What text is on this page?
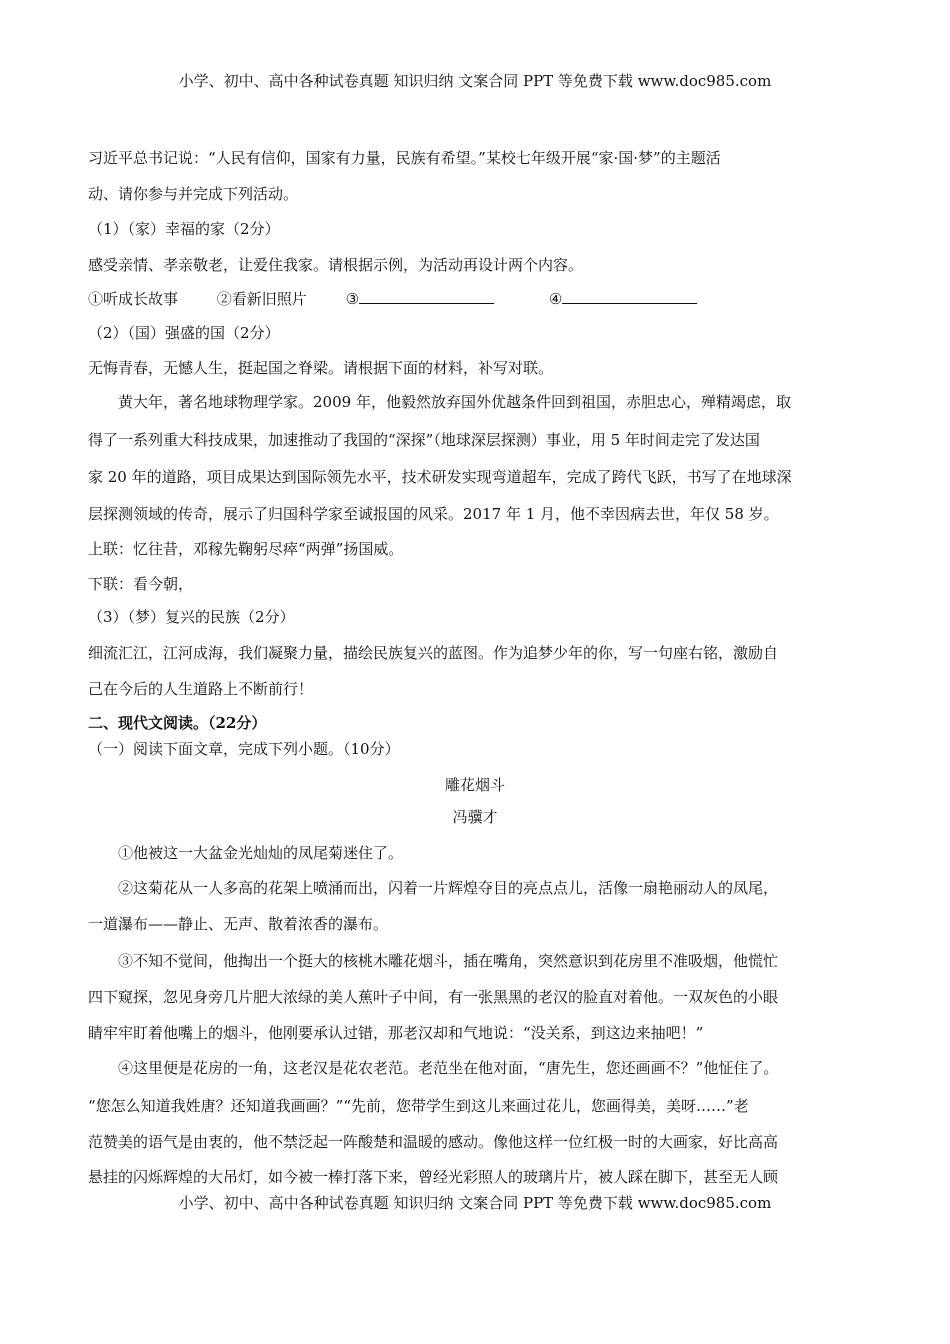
小学、初中、高中各种试卷真题 知识归纳 文案合同 PPT 等免费下载 www.doc985.com
习近平总书记说：“人民有信仰，国家有力量，民族有希望。”某校七年级开展“家·国·梦”的主题活
动、请你参与并完成下列活动。
（1）（家）幸福的家（2分）
感受亲情、孝亲敬老，让爱住我家。请根据示例，为活动再设计两个内容。
①听成长故事	②看新旧照片	③	④
（2）（国）强盛的国（2分）
无悔青春，无憾人生，挺起国之脊梁。请根据下面的材料，补写对联。
黄大年，著名地球物理学家。2009 年，他毅然放弃国外优越条件回到祖国，赤胆忠心，殚精竭虑，取
得了一系列重大科技成果，加速推动了我国的“深探”（地球深层探测）事业，用 5 年时间走完了发达国
家 20 年的道路，项目成果达到国际领先水平，技术研发实现弯道超车，完成了跨代飞跃，书写了在地球深
层探测领域的传奇，展示了归国科学家至诚报国的风采。2017 年 1 月，他不幸因病去世，年仅 58 岁。
上联：忆往昔，邓稼先鞠躬尽瘁“两弹”扬国威。
下联：看今朝，
（3）（梦）复兴的民族（2分）
细流汇江，江河成海，我们凝聚力量，描绘民族复兴的蓝图。作为追梦少年的你，写一句座右铭，激励自
己在今后的人生道路上不断前行！
二、现代文阅读。（22分）
（一）阅读下面文章，完成下列小题。（10分）
雕花烟斗
冯骥才
①他被这一大盆金光灿灿的凤尾菊迷住了。
②这菊花从一人多高的花架上喷涌而出，闪着一片辉煌夺目的亮点点儿，活像一扇艳丽动人的凤尾，
一道瀑布——静止、无声、散着浓香的瀑布。
③不知不觉间，他掏出一个挺大的核桃木雕花烟斗，插在嘴角，突然意识到花房里不准吸烟，他慌忙
四下窥探，忽见身旁几片肥大浓绿的美人蕉叶子中间，有一张黑黑的老汉的脸直对着他。一双灰色的小眼
睛牢牢盯着他嘴上的烟斗，他刚要承认过错，那老汉却和气地说：“没关系，到这边来抽吧！”
④这里便是花房的一角，这老汉是花农老范。老范坐在他对面，“唐先生，您还画画不？”他怔住了。
“您怎么知道我姓唐？还知道我画画？”“先前，您带学生到这儿来画过花儿，您画得美，美呀……”老
范赞美的语气是由衷的，他不禁泛起一阵酸楚和温暖的感动。像他这样一位红极一时的大画家，好比高高
悬挂的闪烁辉煌的大吊灯，如今被一棒打落下来，曾经光彩照人的玻璃片片，被人踩在脚下，甚至无人顾
小学、初中、高中各种试卷真题 知识归纳 文案合同 PPT 等免费下载 www.doc985.com
